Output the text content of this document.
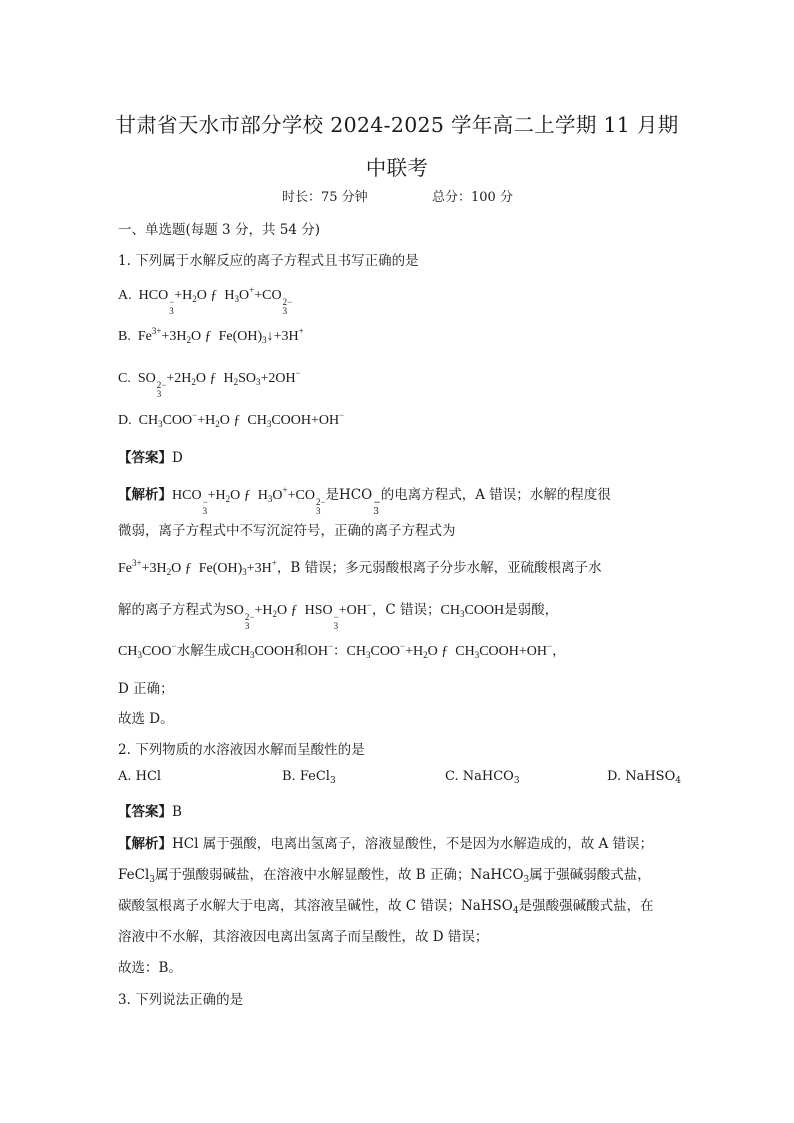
甘肃省天水市部分学校 2024-2025 学年高二上学期 11 月期
中联考
时长：75 分钟	总分：100 分
一、单选题(每题 3 分，共 54 分)
1. 下列属于水解反应的离子方程式且书写正确的是
A. HCO −
3
$+H_2O$ ƒ $H_3O^++CO$ 2−
3
B. $Fe^{3+}+3H_2O$ ƒ $Fe(OH)_3↓+3H^+$
C. SO 2−
3
$+2H_2O$ ƒ $H_2SO_3+2OH^-$
D. $CH_3COO^-+H_2O$ ƒ $CH_3COOH+OH^-$
【答案】D
【解析】HCO −
3
$+H_2O$ ƒ $H_3O^++CO$ 2−
3
是HCO −
3
的电离方程式，A 错误；水解的程度很
微弱，离子方程式中不写沉淀符号，正确的离子方程式为
$Fe^{3+}+3H_2O$ ƒ $Fe(OH)_3+3H^+$，B 错误；多元弱酸根离子分步水解，亚硫酸根离子水
解的离子方程式为SO 2−
3
$+H_2O$ ƒ HSO −
3
+OH−，C 错误；$CH_3COOH$是弱酸，
$CH_3COO^-$水解生成$CH_3COOH$和OH−：$CH_3COO^-+H_2O$ ƒ $CH_3COOH+OH^-$，
D 正确；
故选 D。
2. 下列物质的水溶液因水解而呈酸性的是
A. HCl	B. FeCl$_3$	C. NaHCO$_3$	D. NaHSO$_4$
【答案】B
【解析】HCl 属于强酸，电离出氢离子，溶液显酸性，不是因为水解造成的，故 A 错误；
FeCl$_3$属于强酸弱碱盐，在溶液中水解显酸性，故 B 正确；NaHCO$_3$属于强碱弱酸式盐，
碳酸氢根离子水解大于电离，其溶液呈碱性，故 C 错误；NaHSO$_4$是强酸强碱酸式盐，在
溶液中不水解，其溶液因电离出氢离子而呈酸性，故 D 错误；
故选：B。
3. 下列说法正确的是
